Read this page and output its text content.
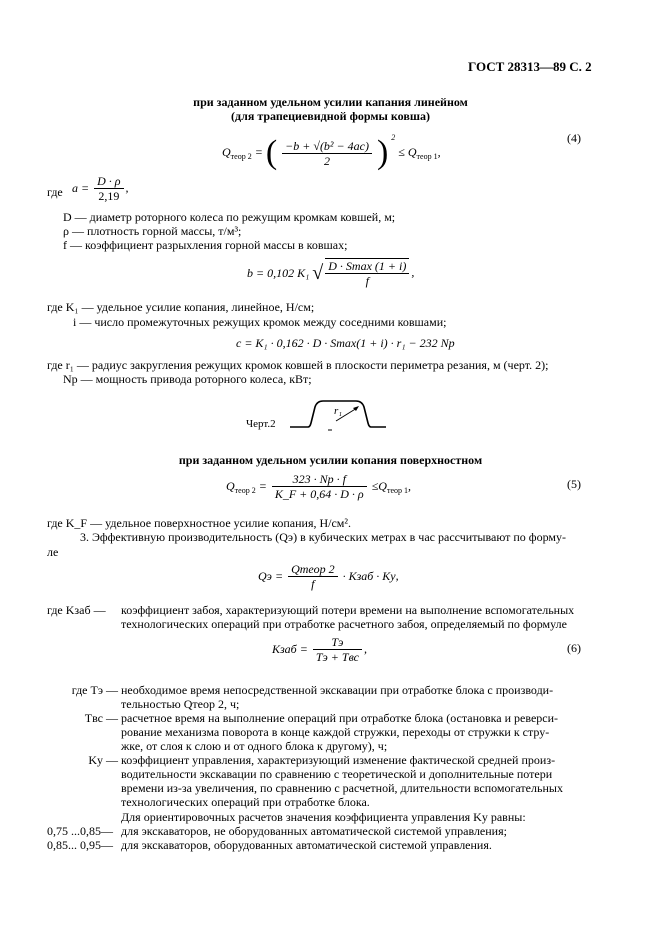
ГОСТ 28313—89 С. 2
при заданном удельном усилии капания линейном
(для трапециевидной формы ковша)
$Q_{теор 2}$ = ( $\frac{\text{−b + √(b² − 4ac)}}{2}$ ) $^2 \le Q_{теор 1}$,
(4)
где $a = \frac{D \cdot \rho}{2,19}$ ,
D — диаметр роторного колеса по режущим кромкам ковшей, м;
ρ — плотность горной массы, т/м³;
f — коэффициент разрыхления горной массы в ковшах;
b = 0,102 K₁ √ $\frac{D \cdot Smax (1 + i)}{f}$ ,
где K₁ — удельное усилие копания, линейное, Н/см;
i — число промежуточных режущих кромок между соседними ковшами;
c = K₁ · 0,162 · D · Smax(1 + i) · r₁ − 232 Nр
где r₁ — радиус закругления режущих кромок ковшей в плоскости периметра резания, м (черт. 2);
Nр — мощность привода роторного колеса, кВт;
Черт.2
r₁
при заданном удельном усилии копания поверхностном
$Q_{теор 2} = \frac{323 \cdot Nр \cdot f}{K\_F + 0,64 \cdot D \cdot \rho} \le Q_{теор 1}$,	(5)
где K_F — удельное поверхностное усилие копания, Н/см².
3. Эффективную производительность (Qэ) в кубических метрах в час рассчитывают по форму-
ле
Qэ = $\frac{\text{Qтеор 2}}{f}$ · Kзаб · Kу,
где Kзаб — коэффициент забоя, характеризующий потери времени на выполнение вспомогательных
технологических операций при отработке расчетного забоя, определяемый по формуле
Kзаб = $\frac{Tэ}{\text{Tэ + Tвс}}$ ,	(6)
где Tэ — необходимое время непосредственной экскавации при отработке блока с производи-
тельностью Qтеор 2, ч;
Tвс — расчетное время на выполнение операций при отработке блока (остановка и реверси-
рование механизма поворота в конце каждой стружки, переходы от стружки к стру-
жке, от слоя к слою и от одного блока к другому), ч;
Kу — коэффициент управления, характеризующий изменение фактической средней произ-
водительности экскавации по сравнению с теоретической и дополнительные потери
времени из-за увеличения, по сравнению с расчетной, длительности вспомогательных
технологических операций при отработке блока.
Для ориентировочных расчетов значения коэффициента управления Kу равны:
0,75 ...0,85— для экскаваторов, не оборудованных автоматической системой управления;
0,85... 0,95— для экскаваторов, оборудованных автоматической системой управления.
